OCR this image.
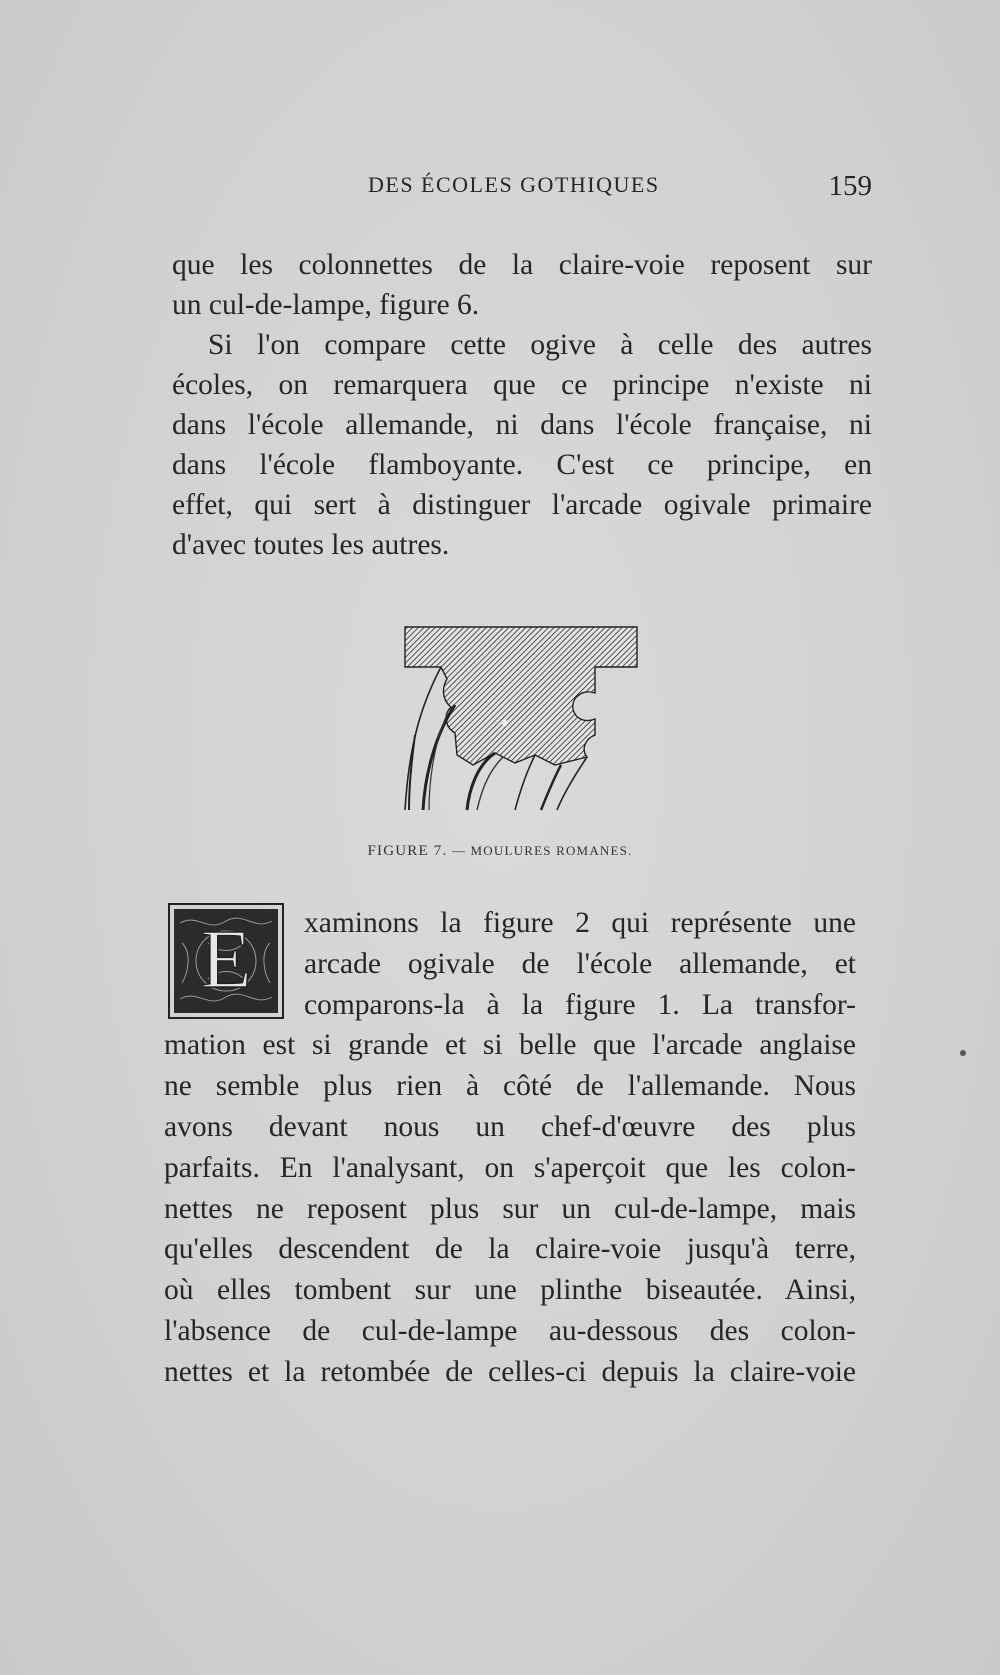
DES ÉCOLES GOTHIQUES	159
que les colonnettes de la claire-voie reposent sur
un cul-de-lampe, figure 6.
Si l'on compare cette ogive à celle des autres
écoles, on remarquera que ce principe n'existe ni
dans l'école allemande, ni dans l'école française, ni
dans l'école flamboyante. C'est ce principe, en
effet, qui sert à distinguer l'arcade ogivale primaire
d'avec toutes les autres.
FIGURE 7. — MOULURES ROMANES.
E	xaminons la figure 2 qui représente une
arcade ogivale de l'école allemande, et
comparons-la à la figure 1. La transfor-
mation est si grande et si belle que l'arcade anglaise
ne semble plus rien à côté de l'allemande. Nous
avons devant nous un chef-d'œuvre des plus
parfaits. En l'analysant, on s'aperçoit que les colon-
nettes ne reposent plus sur un cul-de-lampe, mais
qu'elles descendent de la claire-voie jusqu'à terre,
où elles tombent sur une plinthe biseautée. Ainsi,
l'absence de cul-de-lampe au-dessous des colon-
nettes et la retombée de celles-ci depuis la claire-voie
